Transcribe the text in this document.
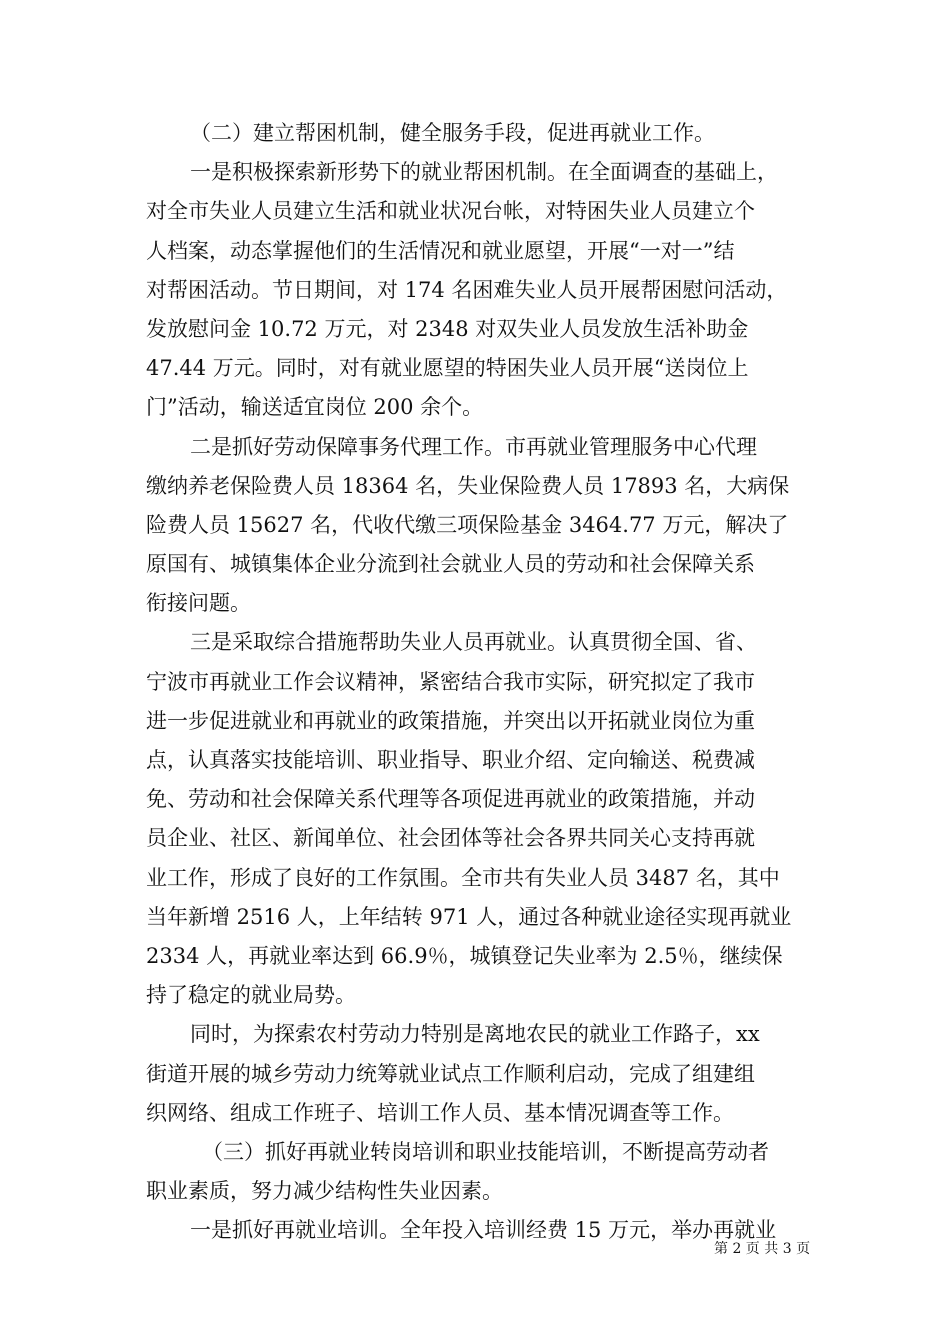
（二）建立帮困机制，健全服务手段，促进再就业工作。
一是积极探索新形势下的就业帮困机制。在全面调查的基础上，
对全市失业人员建立生活和就业状况台帐，对特困失业人员建立个
人档案，动态掌握他们的生活情况和就业愿望，开展“一对一”结
对帮困活动。节日期间，对 174 名困难失业人员开展帮困慰问活动，
发放慰问金 10.72 万元，对 2348 对双失业人员发放生活补助金
47.44 万元。同时，对有就业愿望的特困失业人员开展“送岗位上
门”活动，输送适宜岗位 200 余个。
二是抓好劳动保障事务代理工作。市再就业管理服务中心代理
缴纳养老保险费人员 18364 名，失业保险费人员 17893 名，大病保
险费人员 15627 名，代收代缴三项保险基金 3464.77 万元，解决了
原国有、城镇集体企业分流到社会就业人员的劳动和社会保障关系
衔接问题。
三是采取综合措施帮助失业人员再就业。认真贯彻全国、省、
宁波市再就业工作会议精神，紧密结合我市实际，研究拟定了我市
进一步促进就业和再就业的政策措施，并突出以开拓就业岗位为重
点，认真落实技能培训、职业指导、职业介绍、定向输送、税费减
免、劳动和社会保障关系代理等各项促进再就业的政策措施，并动
员企业、社区、新闻单位、社会团体等社会各界共同关心支持再就
业工作，形成了良好的工作氛围。全市共有失业人员 3487 名，其中
当年新增 2516 人，上年结转 971 人，通过各种就业途径实现再就业
2334 人，再就业率达到 66.9％，城镇登记失业率为 2.5％，继续保
持了稳定的就业局势。
同时，为探索农村劳动力特别是离地农民的就业工作路子，xx
街道开展的城乡劳动力统筹就业试点工作顺利启动，完成了组建组
织网络、组成工作班子、培训工作人员、基本情况调查等工作。
（三）抓好再就业转岗培训和职业技能培训，不断提高劳动者
职业素质，努力减少结构性失业因素。
一是抓好再就业培训。全年投入培训经费 15 万元，举办再就业
第 2 页 共 3 页
